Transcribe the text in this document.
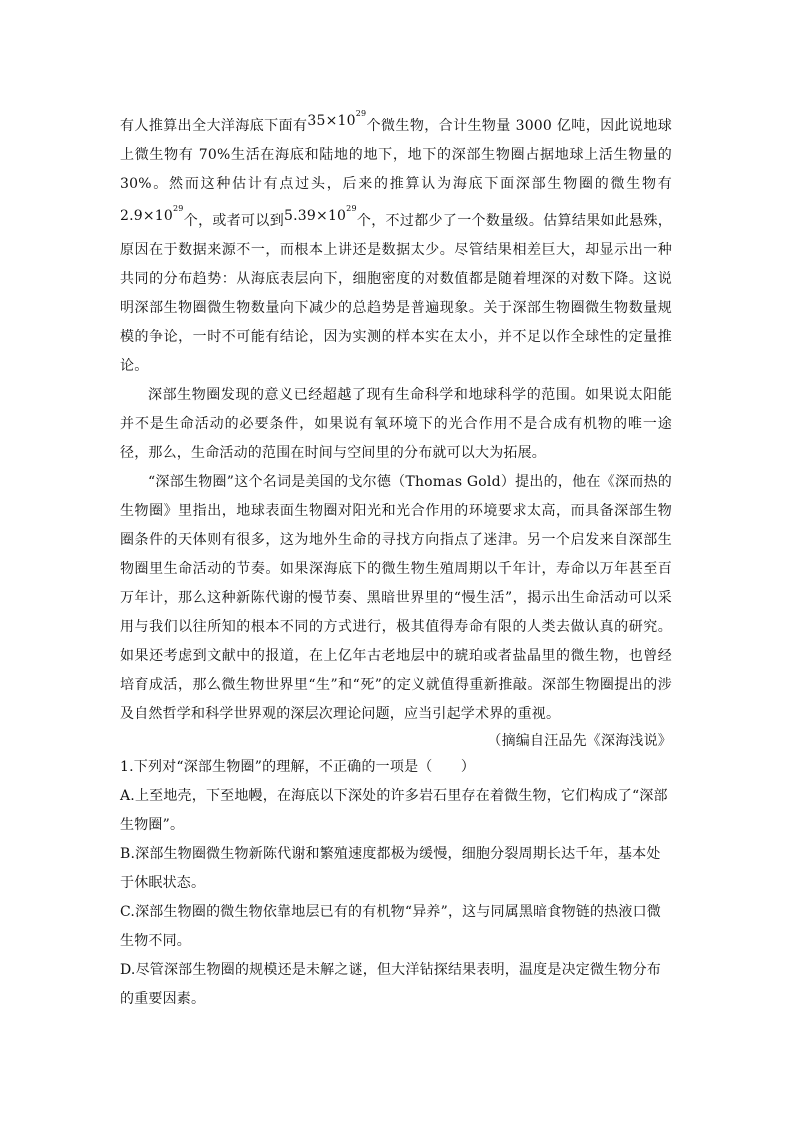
有人推算出全大洋海底下面有$35\times 10^{29}$个微生物，合计生物量 3000 亿吨，因此说地球上微生物有 70%生活在海底和陆地的地下，地下的深部生物圈占据地球上活生物量的 30%。然而这种估计有点过头，后来的推算认为海底下面深部生物圈的微生物有$2.9\times 10^{29}$个，或者可以到$5.39\times 10^{29}$个，不过都少了一个数量级。估算结果如此悬殊，原因在于数据来源不一，而根本上讲还是数据太少。尽管结果相差巨大，却显示出一种共同的分布趋势：从海底表层向下，细胞密度的对数值都是随着埋深的对数下降。这说明深部生物圈微生物数量向下减少的总趋势是普遍现象。关于深部生物圈微生物数量规模的争论，一时不可能有结论，因为实测的样本实在太小，并不足以作全球性的定量推论。

深部生物圈发现的意义已经超越了现有生命科学和地球科学的范围。如果说太阳能并不是生命活动的必要条件，如果说有氧环境下的光合作用不是合成有机物的唯一途径，那么，生命活动的范围在时间与空间里的分布就可以大为拓展。

“深部生物圈”这个名词是美国的戈尔德（Thomas Gold）提出的，他在《深而热的生物圈》里指出，地球表面生物圈对阳光和光合作用的环境要求太高，而具备深部生物圈条件的天体则有很多，这为地外生命的寻找方向指点了迷津。另一个启发来自深部生物圈里生命活动的节奏。如果深海底下的微生物生殖周期以千年计，寿命以万年甚至百万年计，那么这种新陈代谢的慢节奏、黑暗世界里的“慢生活”，揭示出生命活动可以采用与我们以往所知的根本不同的方式进行，极其值得寿命有限的人类去做认真的研究。如果还考虑到文献中的报道，在上亿年古老地层中的琥珀或者盐晶里的微生物，也曾经培育成活，那么微生物世界里“生”和“死”的定义就值得重新推敲。深部生物圈提出的涉及自然哲学和科学世界观的深层次理论问题，应当引起学术界的重视。

（摘编自汪品先《深海浅说》

1.下列对“深部生物圈”的理解，不正确的一项是（　　）

A.上至地壳，下至地幔，在海底以下深处的许多岩石里存在着微生物，它们构成了“深部生物圈”。

B.深部生物圈微生物新陈代谢和繁殖速度都极为缓慢，细胞分裂周期长达千年，基本处于休眠状态。

C.深部生物圈的微生物依靠地层已有的有机物“异养”，这与同属黑暗食物链的热液口微生物不同。

D.尽管深部生物圈的规模还是未解之谜，但大洋钻探结果表明，温度是决定微生物分布的重要因素。
